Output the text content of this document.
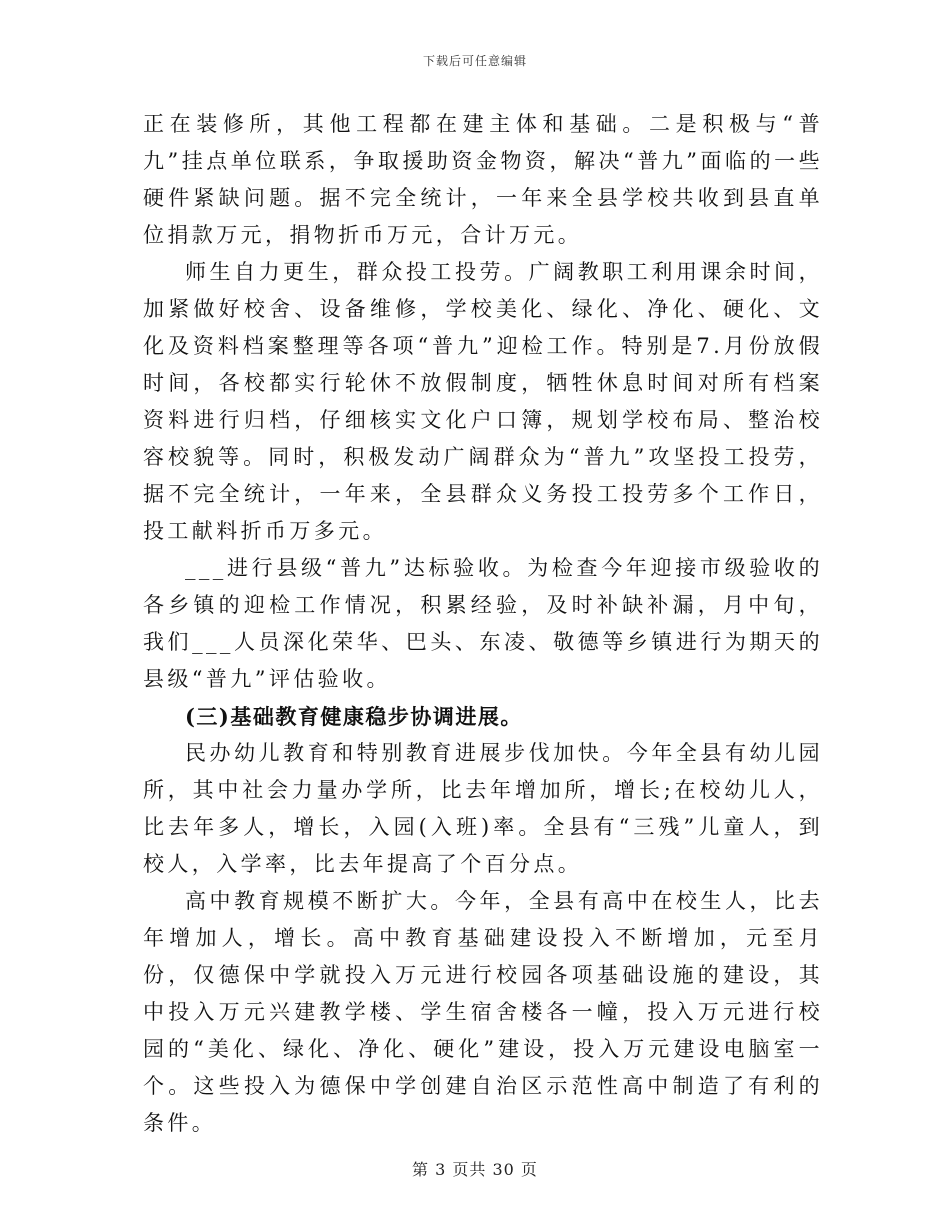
下载后可任意编辑

正在装修所，其他工程都在建主体和基础。二是积极与“普九”挂点单位联系，争取援助资金物资，解决“普九”面临的一些硬件紧缺问题。据不完全统计，一年来全县学校共收到县直单位捐款万元，捐物折币万元，合计万元。

师生自力更生，群众投工投劳。广阔教职工利用课余时间，加紧做好校舍、设备维修，学校美化、绿化、净化、硬化、文化及资料档案整理等各项“普九”迎检工作。特别是7.月份放假时间，各校都实行轮休不放假制度，牺牲休息时间对所有档案资料进行归档，仔细核实文化户口簿，规划学校布局、整治校容校貌等。同时，积极发动广阔群众为“普九”攻坚投工投劳，据不完全统计，一年来，全县群众义务投工投劳多个工作日，投工献料折币万多元。

___进行县级“普九”达标验收。为检查今年迎接市级验收的各乡镇的迎检工作情况，积累经验，及时补缺补漏，月中旬，我们___人员深化荣华、巴头、东凌、敬德等乡镇进行为期天的县级“普九”评估验收。

(三)基础教育健康稳步协调进展。

民办幼儿教育和特别教育进展步伐加快。今年全县有幼儿园所，其中社会力量办学所，比去年增加所，增长;在校幼儿人，比去年多人，增长，入园(入班)率。全县有“三残”儿童人，到校人，入学率，比去年提高了个百分点。

高中教育规模不断扩大。今年，全县有高中在校生人，比去年增加人，增长。高中教育基础建设投入不断增加，元至月份，仅德保中学就投入万元进行校园各项基础设施的建设，其中投入万元兴建教学楼、学生宿舍楼各一幢，投入万元进行校园的“美化、绿化、净化、硬化”建设，投入万元建设电脑室一个。这些投入为德保中学创建自治区示范性高中制造了有利的条件。

第 3 页共 30 页
